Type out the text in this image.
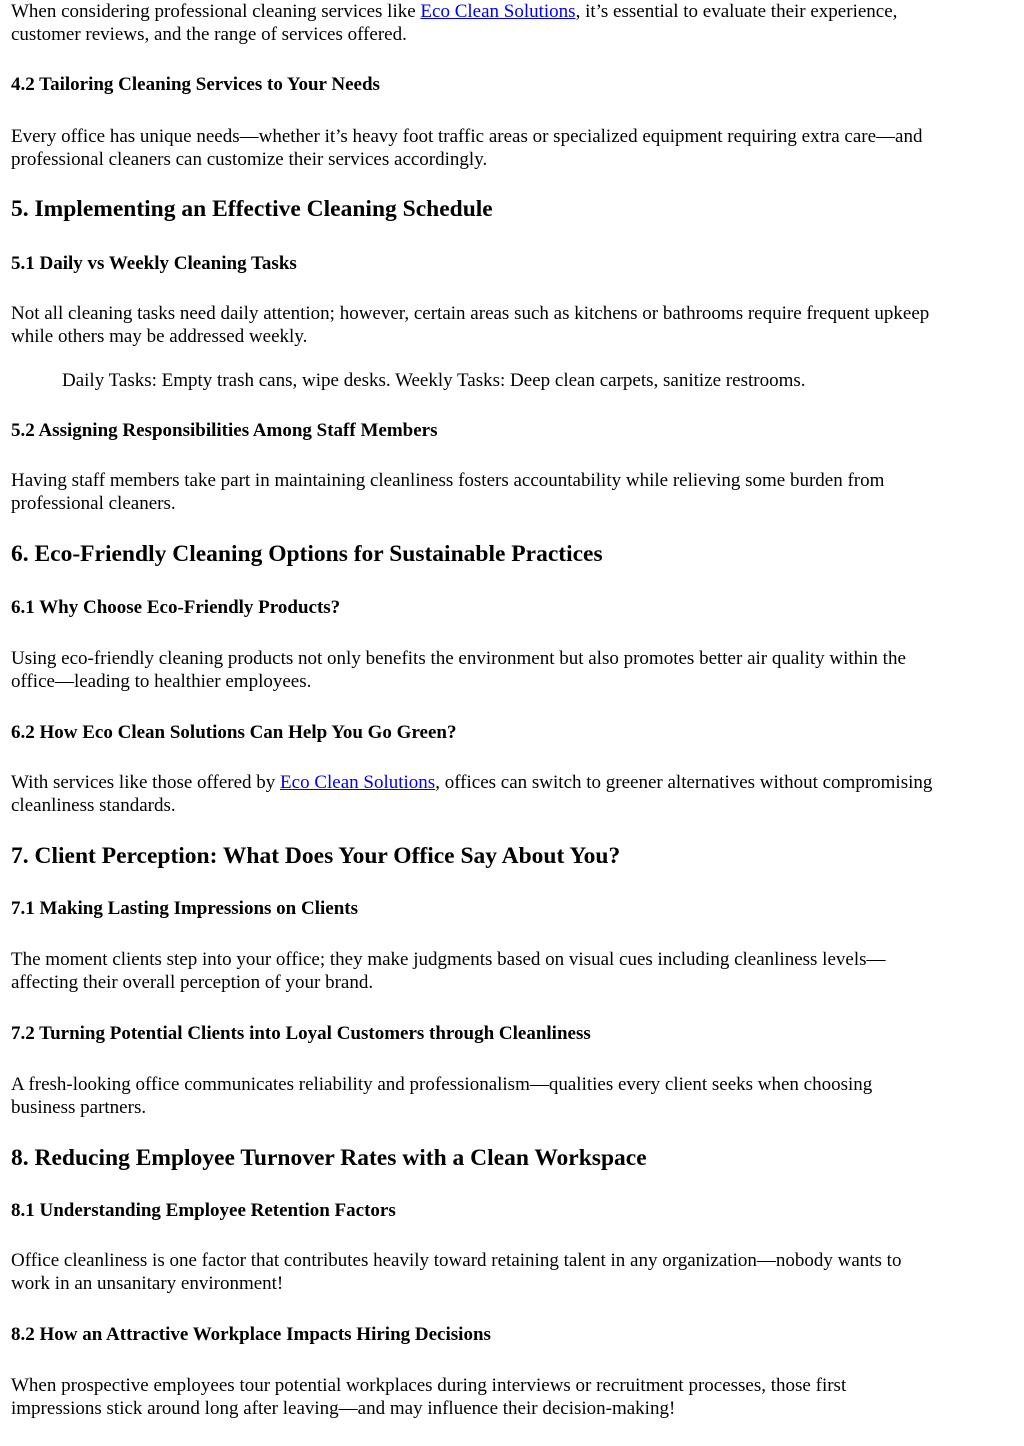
When considering professional cleaning services like Eco Clean Solutions, it’s essential to evaluate their experience,
customer reviews, and the range of services offered.
4.2 Tailoring Cleaning Services to Your Needs
Every office has unique needs—whether it’s heavy foot traffic areas or specialized equipment requiring extra care—and
professional cleaners can customize their services accordingly.
5. Implementing an Effective Cleaning Schedule
5.1 Daily vs Weekly Cleaning Tasks
Not all cleaning tasks need daily attention; however, certain areas such as kitchens or bathrooms require frequent upkeep
while others may be addressed weekly.
Daily Tasks: Empty trash cans, wipe desks. Weekly Tasks: Deep clean carpets, sanitize restrooms.
5.2 Assigning Responsibilities Among Staff Members
Having staff members take part in maintaining cleanliness fosters accountability while relieving some burden from
professional cleaners.
6. Eco-Friendly Cleaning Options for Sustainable Practices
6.1 Why Choose Eco-Friendly Products?
Using eco-friendly cleaning products not only benefits the environment but also promotes better air quality within the
office—leading to healthier employees.
6.2 How Eco Clean Solutions Can Help You Go Green?
With services like those offered by Eco Clean Solutions, offices can switch to greener alternatives without compromising
cleanliness standards.
7. Client Perception: What Does Your Office Say About You?
7.1 Making Lasting Impressions on Clients
The moment clients step into your office; they make judgments based on visual cues including cleanliness levels—
affecting their overall perception of your brand.
7.2 Turning Potential Clients into Loyal Customers through Cleanliness
A fresh-looking office communicates reliability and professionalism—qualities every client seeks when choosing
business partners.
8. Reducing Employee Turnover Rates with a Clean Workspace
8.1 Understanding Employee Retention Factors
Office cleanliness is one factor that contributes heavily toward retaining talent in any organization—nobody wants to
work in an unsanitary environment!
8.2 How an Attractive Workplace Impacts Hiring Decisions
When prospective employees tour potential workplaces during interviews or recruitment processes, those first
impressions stick around long after leaving—and may influence their decision-making!
